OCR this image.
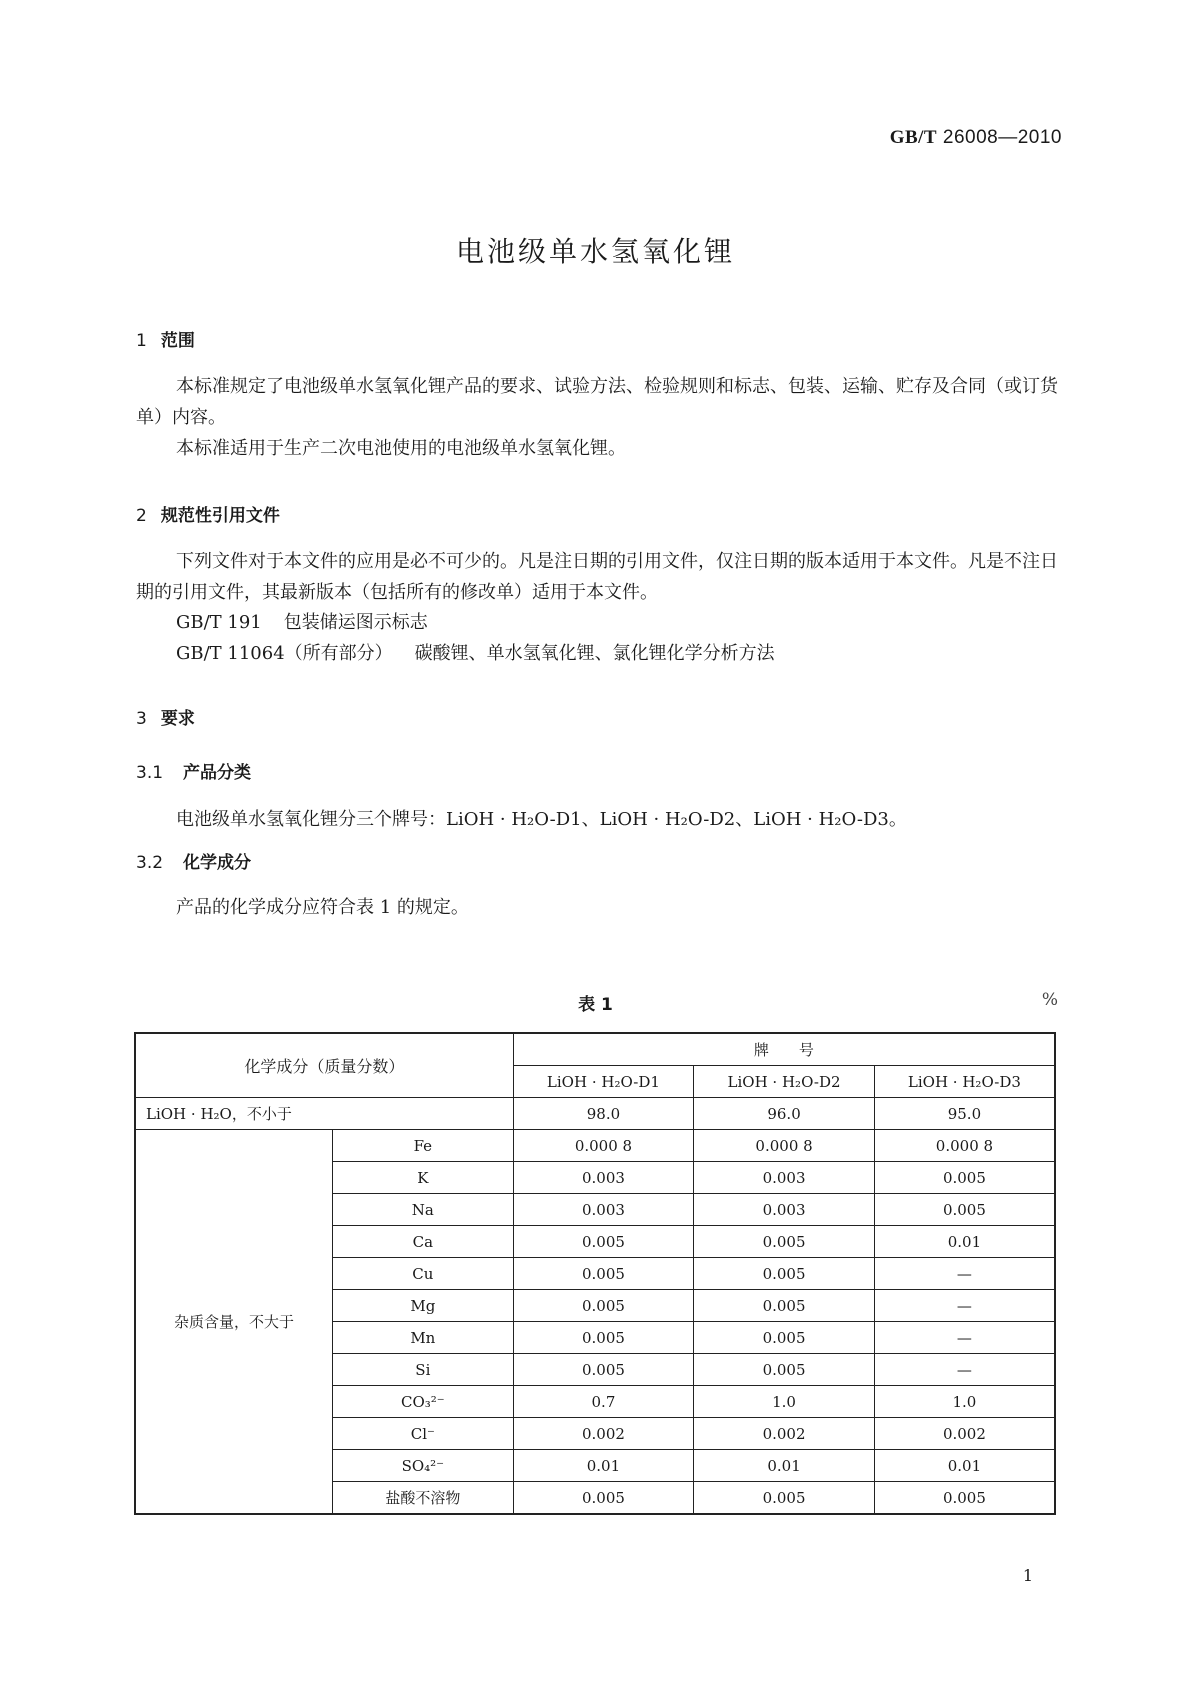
GB/T 26008—2010
电池级单水氢氧化锂
1 范围
本标准规定了电池级单水氢氧化锂产品的要求、试验方法、检验规则和标志、包装、运输、贮存及合同（或订货单）内容。
本标准适用于生产二次电池使用的电池级单水氢氧化锂。
2 规范性引用文件
下列文件对于本文件的应用是必不可少的。凡是注日期的引用文件，仅注日期的版本适用于本文件。凡是不注日期的引用文件，其最新版本（包括所有的修改单）适用于本文件。
GB/T 191 包装储运图示标志
GB/T 11064（所有部分） 碳酸锂、单水氢氧化锂、氯化锂化学分析方法
3 要求
3.1 产品分类
电池级单水氢氧化锂分三个牌号：LiOH · H₂O-D1、LiOH · H₂O-D2、LiOH · H₂O-D3。
3.2 化学成分
产品的化学成分应符合表 1 的规定。
表 1	%
化学成分（质量分数）		牌　　号		
		LiOH · H₂O-D1	LiOH · H₂O-D2	LiOH · H₂O-D3
LiOH · H₂O，不小于		98.0	96.0	95.0
杂质含量，不大于	Fe	0.000 8	0.000 8	0.000 8
	K	0.003	0.003	0.005
	Na	0.003	0.003	0.005
	Ca	0.005	0.005	0.01
	Cu	0.005	0.005	—
	Mg	0.005	0.005	—
	Mn	0.005	0.005	—
	Si	0.005	0.005	—
	CO₃²⁻	0.7	1.0	1.0
	Cl⁻	0.002	0.002	0.002
	SO₄²⁻	0.01	0.01	0.01
	盐酸不溶物	0.005	0.005	0.005
1
